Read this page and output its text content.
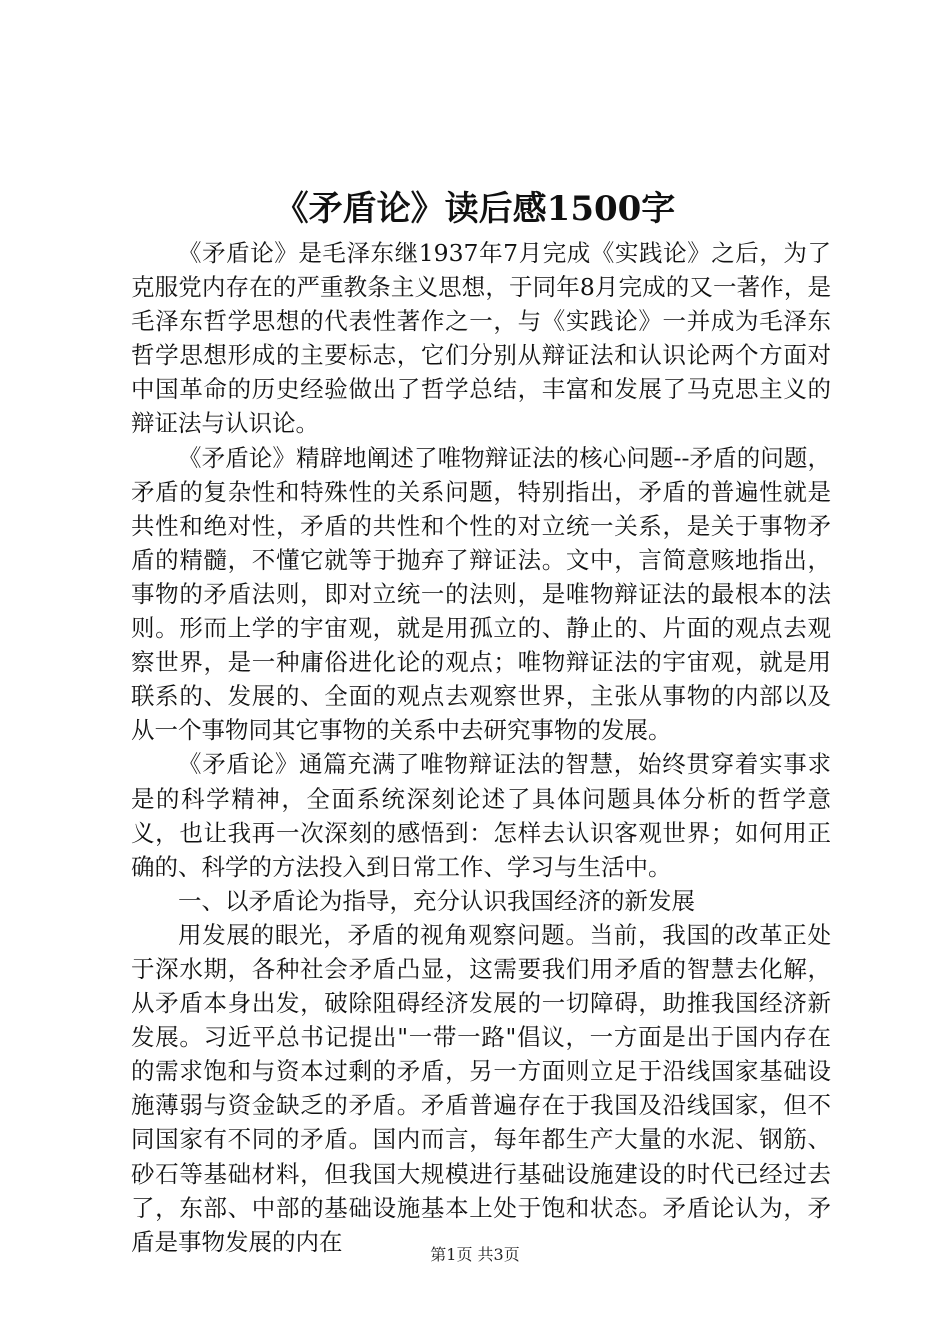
《矛盾论》读后感1500字

《矛盾论》是毛泽东继1937年7月完成《实践论》之后，为了克服党内存在的严重教条主义思想，于同年8月完成的又一著作，是毛泽东哲学思想的代表性著作之一，与《实践论》一并成为毛泽东哲学思想形成的主要标志，它们分别从辩证法和认识论两个方面对中国革命的历史经验做出了哲学总结，丰富和发展了马克思主义的辩证法与认识论。

《矛盾论》精辟地阐述了唯物辩证法的核心问题--矛盾的问题，矛盾的复杂性和特殊性的关系问题，特别指出，矛盾的普遍性就是共性和绝对性，矛盾的共性和个性的对立统一关系，是关于事物矛盾的精髓，不懂它就等于抛弃了辩证法。文中，言简意赅地指出，事物的矛盾法则，即对立统一的法则，是唯物辩证法的最根本的法则。形而上学的宇宙观，就是用孤立的、静止的、片面的观点去观察世界，是一种庸俗进化论的观点；唯物辩证法的宇宙观，就是用联系的、发展的、全面的观点去观察世界，主张从事物的内部以及从一个事物同其它事物的关系中去研究事物的发展。

《矛盾论》通篇充满了唯物辩证法的智慧，始终贯穿着实事求是的科学精神，全面系统深刻论述了具体问题具体分析的哲学意义，也让我再一次深刻的感悟到：怎样去认识客观世界；如何用正确的、科学的方法投入到日常工作、学习与生活中。

一、以矛盾论为指导，充分认识我国经济的新发展

用发展的眼光，矛盾的视角观察问题。当前，我国的改革正处于深水期，各种社会矛盾凸显，这需要我们用矛盾的智慧去化解，从矛盾本身出发，破除阻碍经济发展的一切障碍，助推我国经济新发展。习近平总书记提出"一带一路"倡议，一方面是出于国内存在的需求饱和与资本过剩的矛盾，另一方面则立足于沿线国家基础设施薄弱与资金缺乏的矛盾。矛盾普遍存在于我国及沿线国家，但不同国家有不同的矛盾。国内而言，每年都生产大量的水泥、钢筋、砂石等基础材料，但我国大规模进行基础设施建设的时代已经过去了，东部、中部的基础设施基本上处于饱和状态。矛盾论认为，矛盾是事物发展的内在	第1页 共3页
